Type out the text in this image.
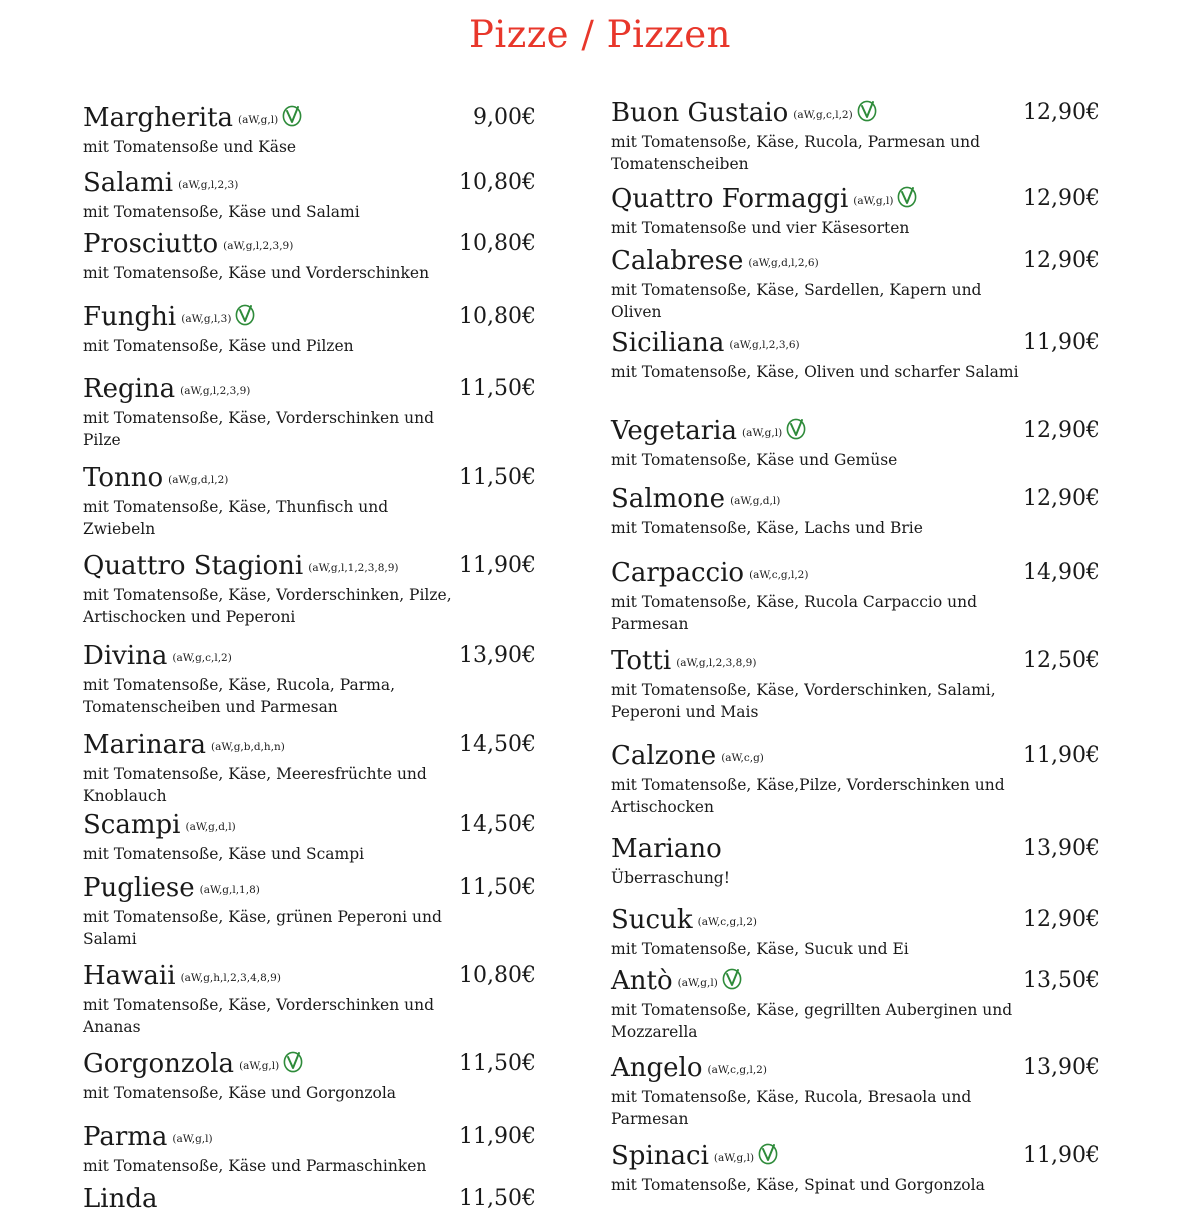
Pizze / Pizzen
Margherita (aW,g,l)
mit Tomatensoße und Käse
9,00€
Salami (aW,g,l,2,3)
mit Tomatensoße, Käse und Salami
10,80€
Prosciutto (aW,g,l,2,3,9)
mit Tomatensoße, Käse und Vorderschinken
10,80€
Funghi (aW,g,l,3)
mit Tomatensoße, Käse und Pilzen
10,80€
Regina (aW,g,l,2,3,9)
mit Tomatensoße, Käse, Vorderschinken und Pilze
11,50€
Tonno (aW,g,d,l,2)
mit Tomatensoße, Käse, Thunfisch und Zwiebeln
11,50€
Quattro Stagioni (aW,g,l,1,2,3,8,9)
mit Tomatensoße, Käse, Vorderschinken, Pilze, Artischocken und Peperoni
11,90€
Divina (aW,g,c,l,2)
mit Tomatensoße, Käse, Rucola, Parma, Tomatenscheiben und Parmesan
13,90€
Marinara (aW,g,b,d,h,n)
mit Tomatensoße, Käse, Meeresfrüchte und Knoblauch
14,50€
Scampi (aW,g,d,l)
mit Tomatensoße, Käse und Scampi
14,50€
Pugliese (aW,g,l,1,8)
mit Tomatensoße, Käse, grünen Peperoni und Salami
11,50€
Hawaii (aW,g,h,l,2,3,4,8,9)
mit Tomatensoße, Käse, Vorderschinken und Ananas
10,80€
Gorgonzola (aW,g,l)
mit Tomatensoße, Käse und Gorgonzola
11,50€
Parma (aW,g,l)
mit Tomatensoße, Käse und Parmaschinken
11,90€
Linda	11,50€
Buon Gustaio (aW,g,c,l,2)
mit Tomatensoße, Käse, Rucola, Parmesan und Tomatenscheiben
12,90€
Quattro Formaggi (aW,g,l)
mit Tomatensoße und vier Käsesorten
12,90€
Calabrese (aW,g,d,l,2,6)
mit Tomatensoße, Käse, Sardellen, Kapern und Oliven
12,90€
Siciliana (aW,g,l,2,3,6)
mit Tomatensoße, Käse, Oliven und scharfer Salami
11,90€
Vegetaria (aW,g,l)
mit Tomatensoße, Käse und Gemüse
12,90€
Salmone (aW,g,d,l)
mit Tomatensoße, Käse, Lachs und Brie
12,90€
Carpaccio (aW,c,g,l,2)
mit Tomatensoße, Käse, Rucola Carpaccio und Parmesan
14,90€
Totti (aW,g,l,2,3,8,9)
mit Tomatensoße, Käse, Vorderschinken, Salami, Peperoni und Mais
12,50€
Calzone (aW,c,g)
mit Tomatensoße, Käse,Pilze, Vorderschinken und Artischocken
11,90€
Mariano
Überraschung!
13,90€
Sucuk (aW,c,g,l,2)
mit Tomatensoße, Käse, Sucuk und Ei
12,90€
Antò (aW,g,l)
mit Tomatensoße, Käse, gegrillten Auberginen und Mozzarella
13,50€
Angelo (aW,c,g,l,2)
mit Tomatensoße, Käse, Rucola, Bresaola und Parmesan
13,90€
Spinaci (aW,g,l)
mit Tomatensoße, Käse, Spinat und Gorgonzola
11,90€
